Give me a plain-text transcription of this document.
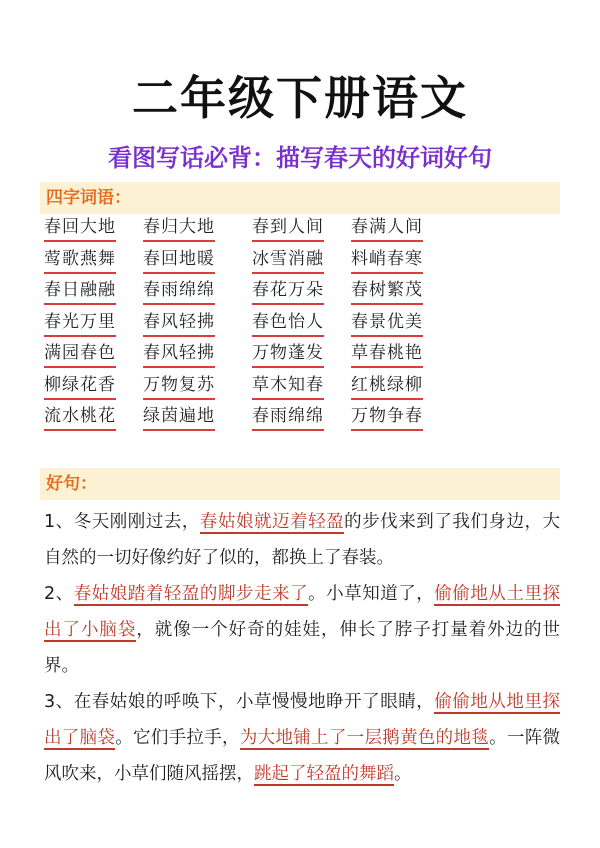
二年级下册语文
看图写话必背：描写春天的好词好句
四字词语：
春回大地 春归大地 春到人间 春满人间
莺歌燕舞 春回地暖 冰雪消融 料峭春寒
春日融融 春雨绵绵 春花万朵 春树繁茂
春光万里 春风轻拂 春色怡人 春景优美
满园春色 春风轻拂 万物蓬发 草春桃艳
柳绿花香 万物复苏 草木知春 红桃绿柳
流水桃花 绿茵遍地 春雨绵绵 万物争春
好句：
1、冬天刚刚过去，春姑娘就迈着轻盈的步伐来到了我们身边，大自然的一切好像约好了似的，都换上了春装。
2、春姑娘踏着轻盈的脚步走来了。小草知道了，偷偷地从土里探出了小脑袋，就像一个好奇的娃娃，伸长了脖子打量着外边的世界。
3、在春姑娘的呼唤下，小草慢慢地睁开了眼睛，偷偷地从地里探出了脑袋。它们手拉手，为大地铺上了一层鹅黄色的地毯。一阵微风吹来，小草们随风摇摆，跳起了轻盈的舞蹈。
